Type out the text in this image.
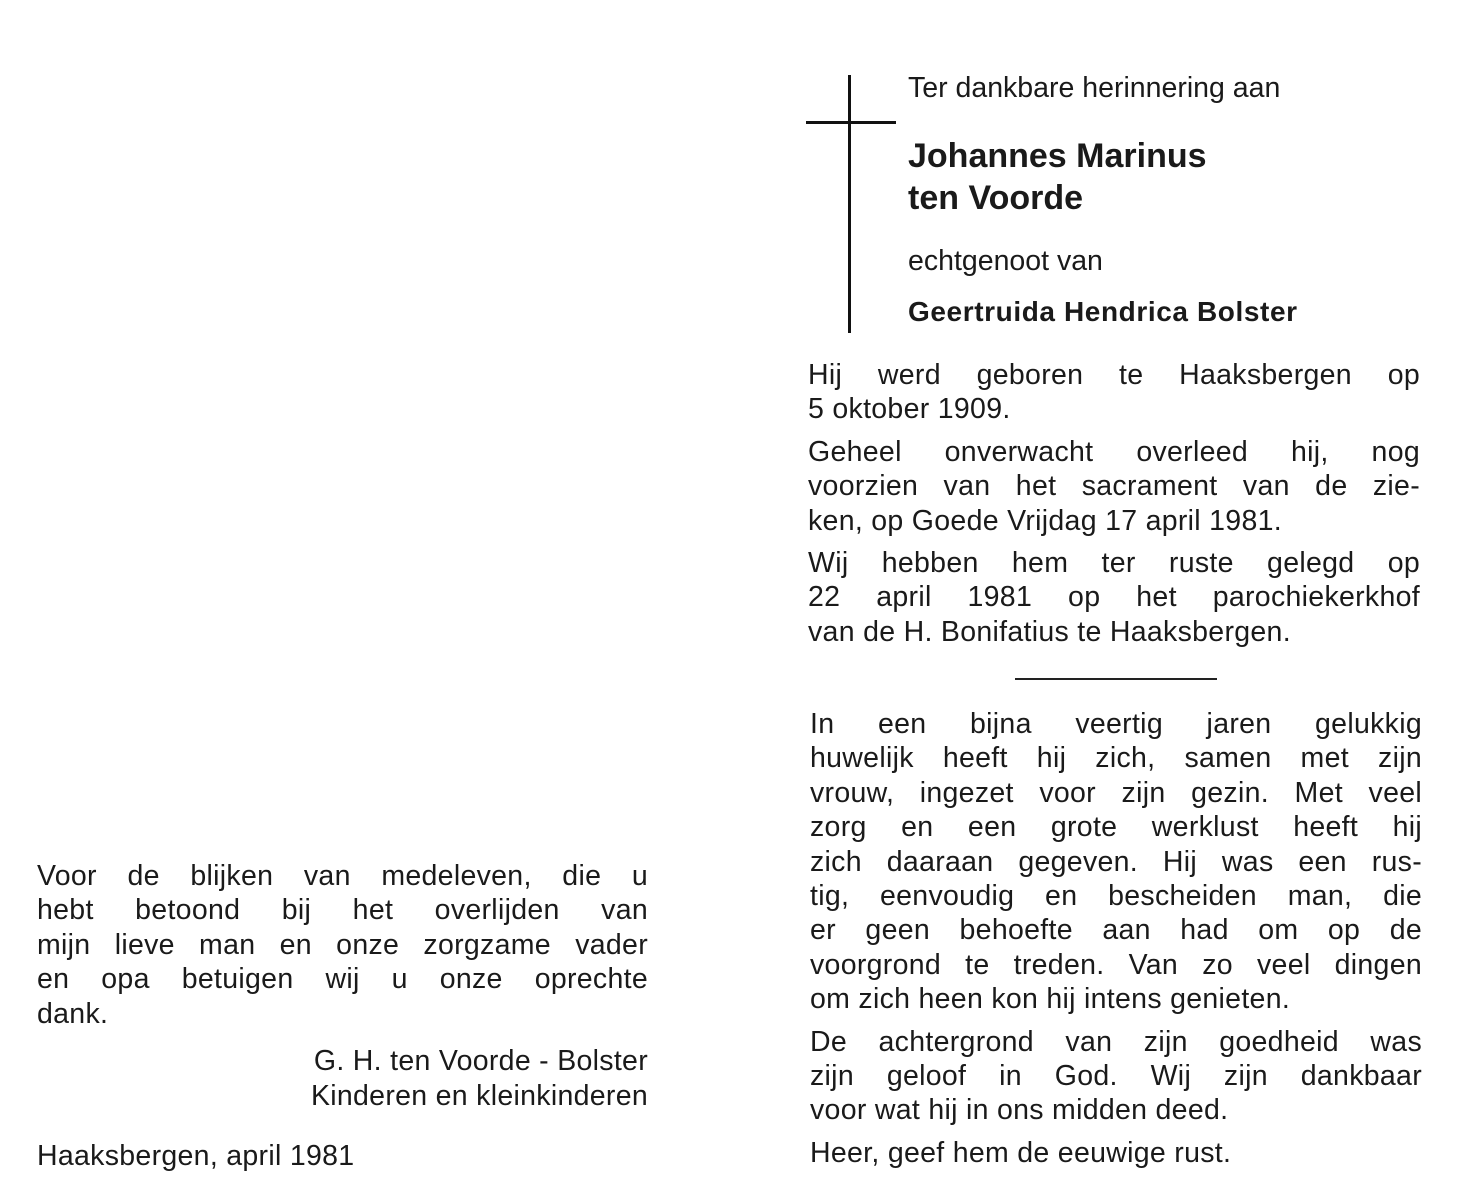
Ter dankbare herinnering aan
Johannes Marinus
ten Voorde
echtgenoot van
Geertruida Hendrica Bolster
Hij werd geboren te Haaksbergen op
5 oktober 1909.
Geheel onverwacht overleed hij, nog
voorzien van het sacrament van de zie-
ken, op Goede Vrijdag 17 april 1981.
Wij hebben hem ter ruste gelegd op
22 april 1981 op het parochiekerkhof
van de H. Bonifatius te Haaksbergen.
In een bijna veertig jaren gelukkig
huwelijk heeft hij zich, samen met zijn
vrouw, ingezet voor zijn gezin. Met veel
zorg en een grote werklust heeft hij
zich daaraan gegeven. Hij was een rus-
tig, eenvoudig en bescheiden man, die
er geen behoefte aan had om op de
voorgrond te treden. Van zo veel dingen
om zich heen kon hij intens genieten.
De achtergrond van zijn goedheid was
zijn geloof in God. Wij zijn dankbaar
voor wat hij in ons midden deed.
Heer, geef hem de eeuwige rust.
Voor de blijken van medeleven, die u
hebt betoond bij het overlijden van
mijn lieve man en onze zorgzame vader
en opa betuigen wij u onze oprechte
dank.
G. H. ten Voorde - Bolster
Kinderen en kleinkinderen
Haaksbergen, april 1981
